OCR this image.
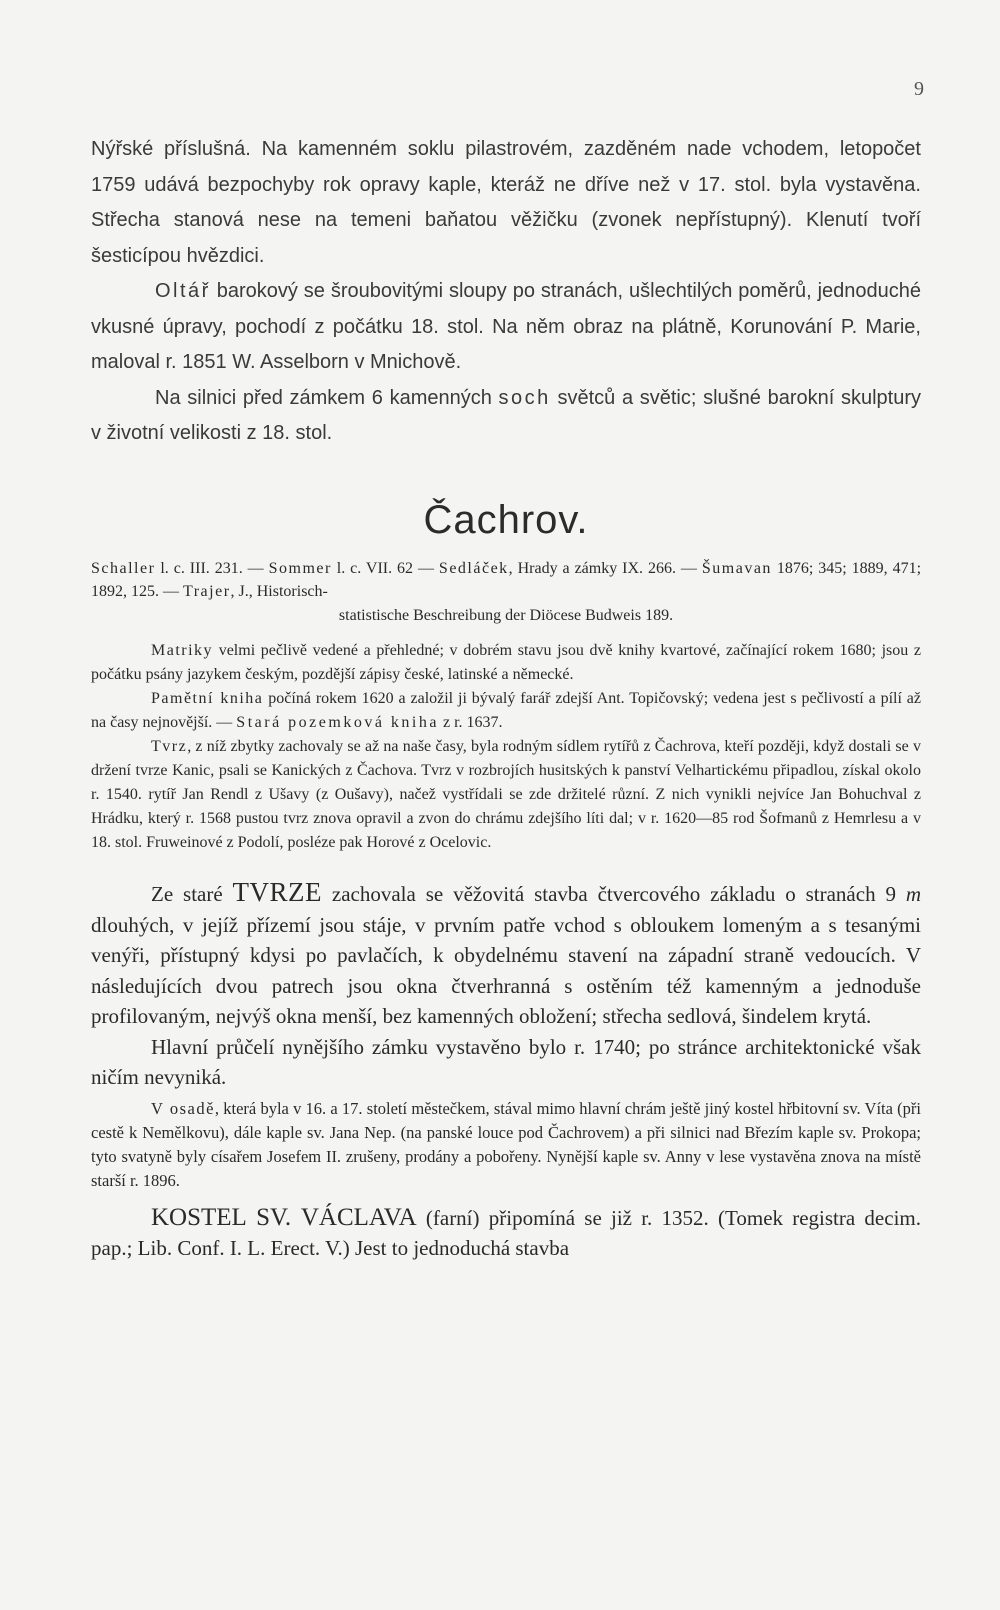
9

Nýřské příslušná. Na kamenném soklu pilastrovém, zazděném nade vchodem, letopočet 1759 udává bezpochyby rok opravy kaple, kteráž ne dříve než v 17. stol. byla vystavěna. Střecha stanová nese na temeni baňatou věžičku (zvonek nepřístupný). Klenutí tvoří šesticípou hvězdici.

Oltář barokový se šroubovitými sloupy po stranách, ušlechtilých poměrů, jednoduché vkusné úpravy, pochodí z počátku 18. stol. Na něm obraz na plátně, Korunování P. Marie, maloval r. 1851 W. Asselborn v Mnichově.

Na silnici před zámkem 6 kamenných soch světců a světic; slušné barokní skulptury v životní velikosti z 18. stol.

Čachrov.

Schaller l. c. III. 231. — Sommer l. c. VII. 62 — Sedláček, Hrady a zámky IX. 266. — Šumavan 1876; 345; 1889, 471; 1892, 125. — Trajer, J., Historisch-

statistische Beschreibung der Diöcese Budweis 189.

Matriky velmi pečlivě vedené a přehledné; v dobrém stavu jsou dvě knihy kvartové, začínající rokem 1680; jsou z počátku psány jazykem českým, pozdější zápisy české, latinské a německé.

Pamětní kniha počíná rokem 1620 a založil ji bývalý farář zdejší Ant. Topičovský; vedena jest s pečlivostí a pílí až na časy nejnovější. — Stará pozemková kniha z r. 1637.

Tvrz, z níž zbytky zachovaly se až na naše časy, byla rodným sídlem rytířů z Čachrova, kteří později, když dostali se v držení tvrze Kanic, psali se Kanických z Čachova. Tvrz v rozbrojích husitských k panství Velhartickému připadlou, získal okolo r. 1540. rytíř Jan Rendl z Ušavy (z Oušavy), načež vystřídali se zde držitelé různí. Z nich vynikli nejvíce Jan Bohuchval z Hrádku, který r. 1568 pustou tvrz znova opravil a zvon do chrámu zdejšího líti dal; v r. 1620—85 rod Šofmanů z Hemrlesu a v 18. stol. Fruweinové z Podolí, posléze pak Horové z Ocelovic.

Ze staré TVRZE zachovala se věžovitá stavba čtvercového základu o stranách 9 m dlouhých, v jejíž přízemí jsou stáje, v prvním patře vchod s obloukem lomeným a s tesanými venýři, přístupný kdysi po pavlačích, k obydelnému stavení na západní straně vedoucích. V následujících dvou patrech jsou okna čtverhranná s ostěním též kamenným a jednoduše profilovaným, nejvýš okna menší, bez kamenných obložení; střecha sedlová, šindelem krytá.

Hlavní průčelí nynějšího zámku vystavěno bylo r. 1740; po stránce architektonické však ničím nevyniká.

V osadě, která byla v 16. a 17. století městečkem, stával mimo hlavní chrám ještě jiný kostel hřbitovní sv. Víta (při cestě k Nemělkovu), dále kaple sv. Jana Nep. (na panské louce pod Čachrovem) a při silnici nad Březím kaple sv. Prokopa; tyto svatyně byly císařem Josefem II. zrušeny, prodány a pobořeny. Nynější kaple sv. Anny v lese vystavěna znova na místě starší r. 1896.

KOSTEL SV. VÁCLAVA (farní) připomíná se již r. 1352. (Tomek registra decim. pap.; Lib. Conf. I. L. Erect. V.) Jest to jednoduchá stavba
